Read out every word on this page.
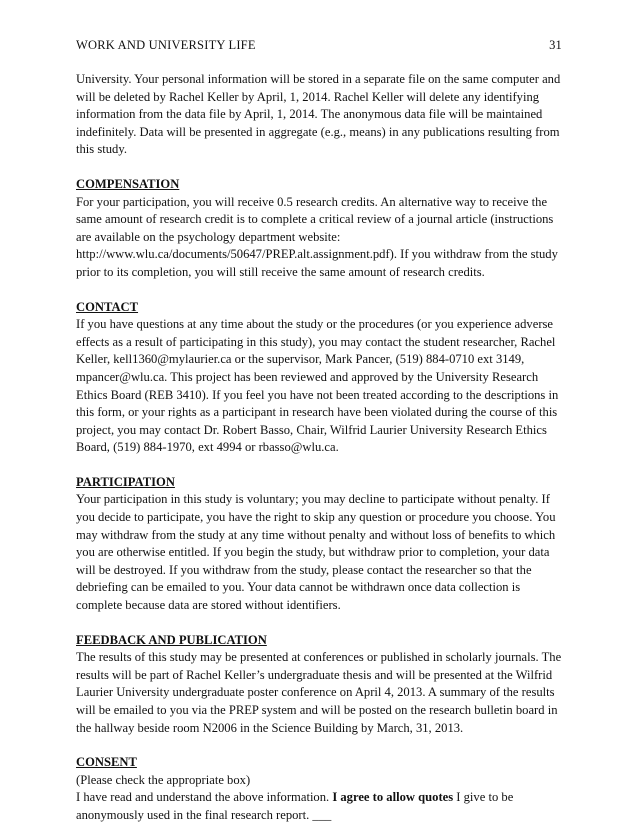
WORK AND UNIVERSITY LIFE	31

University. Your personal information will be stored in a separate file on the same computer and will be deleted by Rachel Keller by April, 1, 2014. Rachel Keller will delete any identifying information from the data file by April, 1, 2014. The anonymous data file will be maintained indefinitely. Data will be presented in aggregate (e.g., means) in any publications resulting from this study.

COMPENSATION

For your participation, you will receive 0.5 research credits. An alternative way to receive the same amount of research credit is to complete a critical review of a journal article (instructions are available on the psychology department website: http://www.wlu.ca/documents/50647/PREP.alt.assignment.pdf). If you withdraw from the study prior to its completion, you will still receive the same amount of research credits.

CONTACT

If you have questions at any time about the study or the procedures (or you experience adverse effects as a result of participating in this study), you may contact the student researcher, Rachel Keller, kell1360@mylaurier.ca or the supervisor, Mark Pancer, (519) 884-0710 ext 3149, mpancer@wlu.ca. This project has been reviewed and approved by the University Research Ethics Board (REB 3410). If you feel you have not been treated according to the descriptions in this form, or your rights as a participant in research have been violated during the course of this project, you may contact Dr. Robert Basso, Chair, Wilfrid Laurier University Research Ethics Board, (519) 884-1970, ext 4994 or rbasso@wlu.ca.

PARTICIPATION

Your participation in this study is voluntary; you may decline to participate without penalty. If you decide to participate, you have the right to skip any question or procedure you choose. You may withdraw from the study at any time without penalty and without loss of benefits to which you are otherwise entitled. If you begin the study, but withdraw prior to completion, your data will be destroyed. If you withdraw from the study, please contact the researcher so that the debriefing can be emailed to you. Your data cannot be withdrawn once data collection is complete because data are stored without identifiers.

FEEDBACK AND PUBLICATION

The results of this study may be presented at conferences or published in scholarly journals. The results will be part of Rachel Keller’s undergraduate thesis and will be presented at the Wilfrid Laurier University undergraduate poster conference on April 4, 2013. A summary of the results will be emailed to you via the PREP system and will be posted on the research bulletin board in the hallway beside room N2006 in the Science Building by March, 31, 2013.

CONSENT

(Please check the appropriate box)

I have read and understand the above information. I agree to allow quotes I give to be anonymously used in the final research report. ___
